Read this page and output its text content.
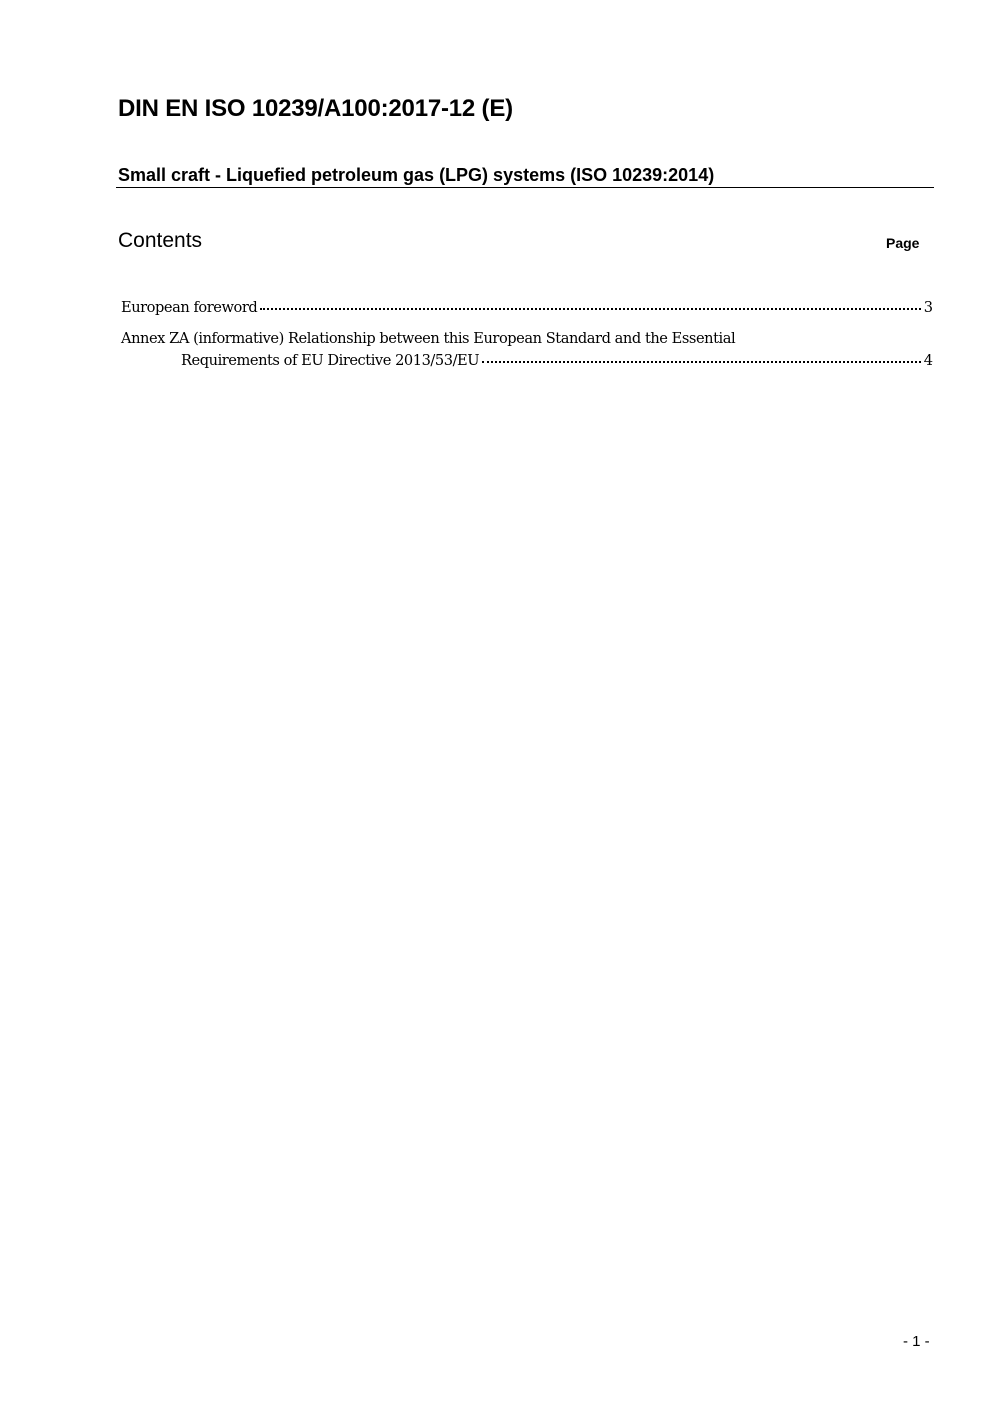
DIN EN ISO 10239/A100:2017-12 (E)
Small craft - Liquefied petroleum gas (LPG) systems (ISO 10239:2014)
Contents	Page
European foreword	3
Annex ZA (informative) Relationship between this European Standard and the Essential
Requirements of EU Directive 2013/53/EU	4
- 1 -
